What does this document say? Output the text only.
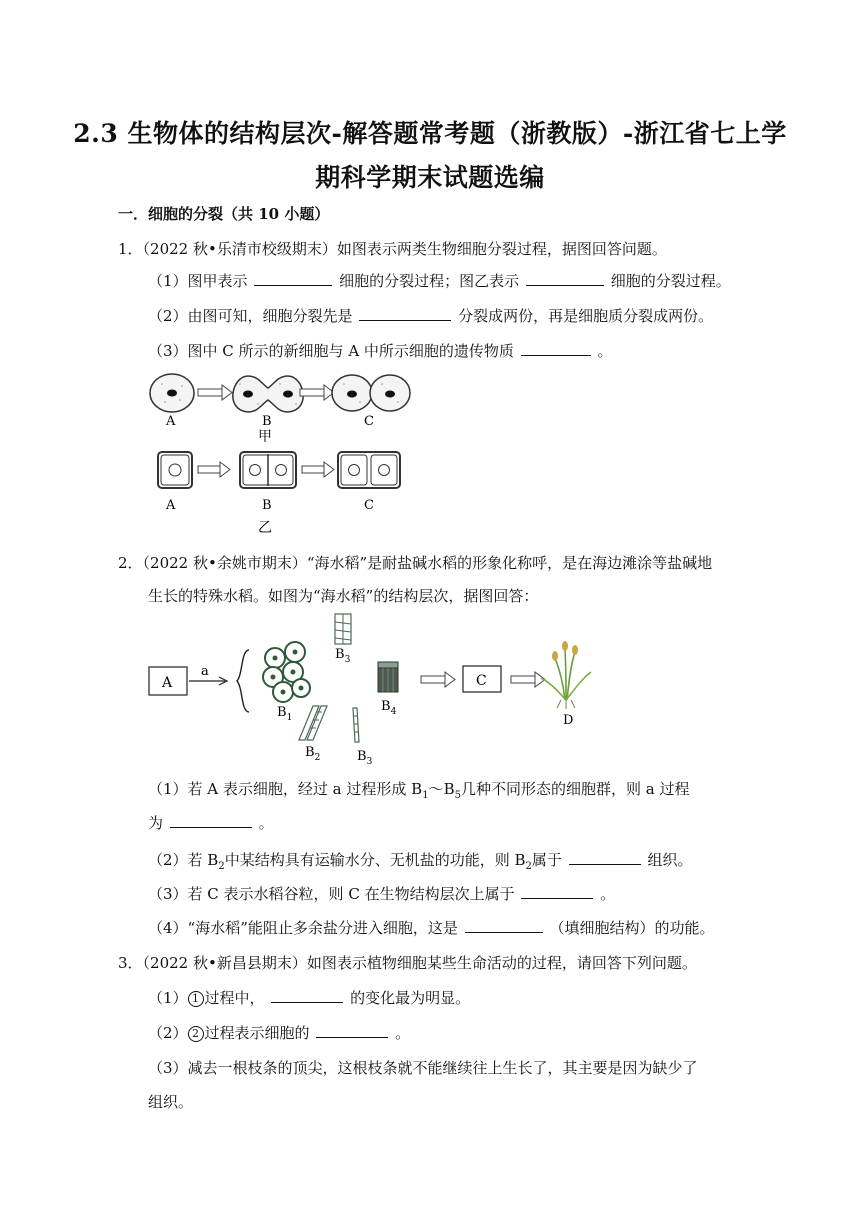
2.3 生物体的结构层次-解答题常考题（浙教版）-浙江省七上学
期科学期末试题选编
一．细胞的分裂（共 10 小题）
1．（2022 秋•乐清市校级期末）如图表示两类生物细胞分裂过程，据图回答问题。
（1）图甲表示	细胞的分裂过程；图乙表示	细胞的分裂过程。
（2）由图可知，细胞分裂先是	分裂成两份，再是细胞质分裂成两份。
（3）图中 C 所示的新细胞与 A 中所示细胞的遗传物质	。
A	B	C
甲
A	B	C
乙
2．（2022 秋•余姚市期末）“海水稻”是耐盐碱水稻的形象化称呼，是在海边滩涂等盐碱地
生长的特殊水稻。如图为“海水稻”的结构层次，据图回答：
A
a
$B_1$
$B_3$
$B_4$
$B_2$	$B_3$
C
D
（1）若 A 表示细胞，经过 a 过程形成 $B_1\sim B_5$几种不同形态的细胞群，则 a 过程
为	。
（2）若 $B_2$中某结构具有运输水分、无机盐的功能，则 $B_2$属于	组织。
（3）若 C 表示水稻谷粒，则 C 在生物结构层次上属于	。
（4）“海水稻”能阻止多余盐分进入细胞，这是	（填细胞结构）的功能。
3．（2022 秋•新昌县期末）如图表示植物细胞某些生命活动的过程，请回答下列问题。
（1） 1 过程中，	的变化最为明显。
（2） 2 过程表示细胞的	。
（3）减去一根枝条的顶尖，这根枝条就不能继续往上生长了，其主要是因为缺少了
组织。
